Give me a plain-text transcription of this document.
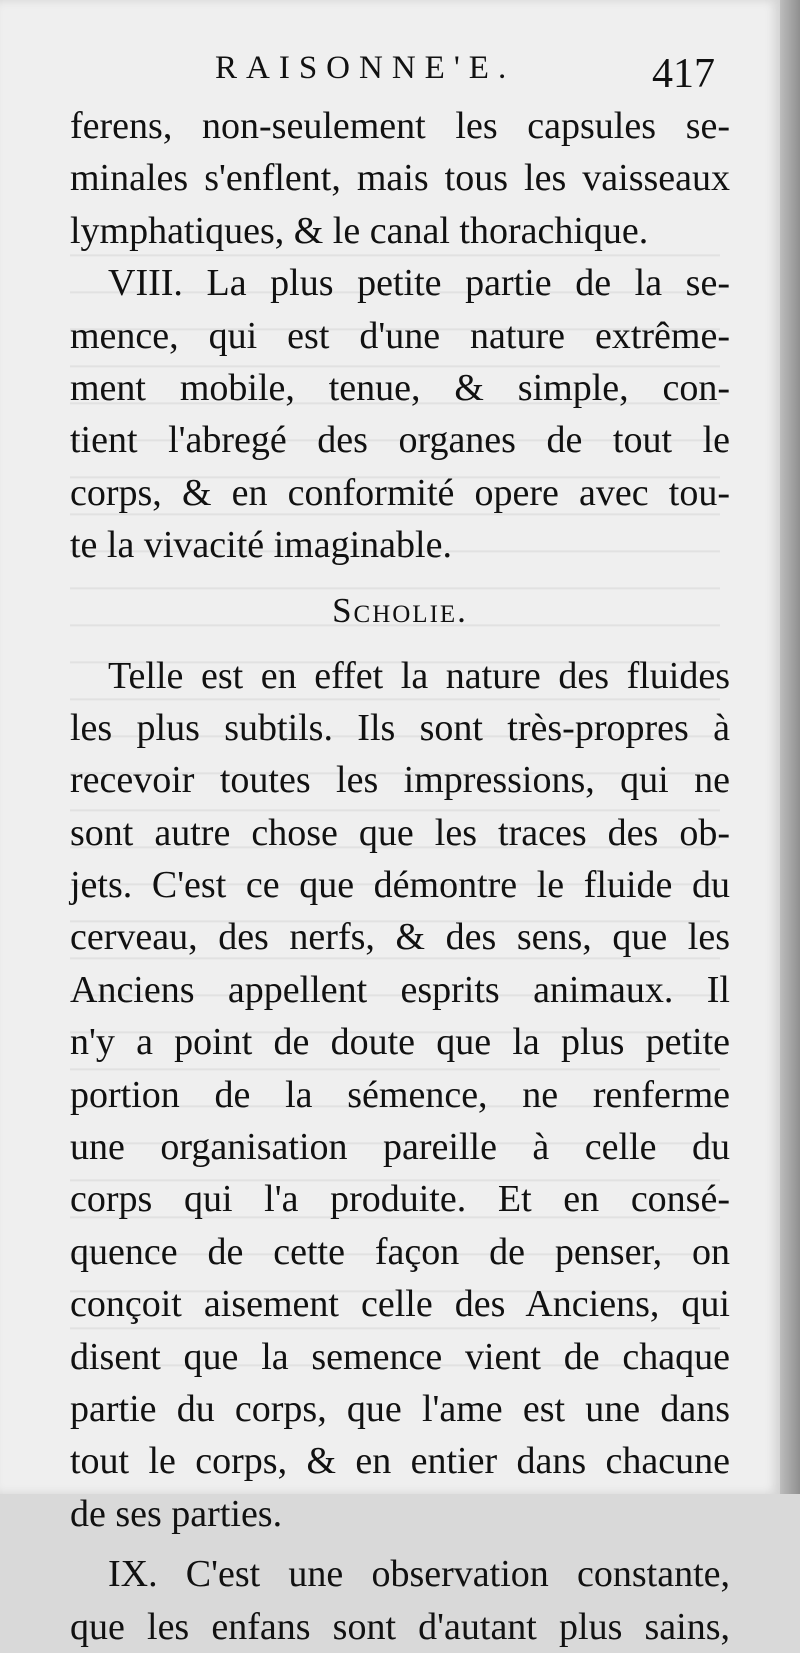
RAISONNE'E.	417
ferens, non-seulement les capsules se-
minales s'enflent, mais tous les vaisseaux
lymphatiques, & le canal thorachique.
VIII. La plus petite partie de la se-
mence, qui est d'une nature extrême-
ment mobile, tenue, & simple, con-
tient l'abregé des organes de tout le
corps, & en conformité opere avec tou-
te la vivacité imaginable.
Scholie.
Telle est en effet la nature des fluides
les plus subtils. Ils sont très-propres à
recevoir toutes les impressions, qui ne
sont autre chose que les traces des ob-
jets. C'est ce que démontre le fluide du
cerveau, des nerfs, & des sens, que les
Anciens appellent esprits animaux. Il
n'y a point de doute que la plus petite
portion de la sémence, ne renferme
une organisation pareille à celle du
corps qui l'a produite. Et en consé-
quence de cette façon de penser, on
conçoit aisement celle des Anciens, qui
disent que la semence vient de chaque
partie du corps, que l'ame est une dans
tout le corps, & en entier dans chacune
de ses parties.
IX. C'est une observation constante,
que les enfans sont d'autant plus sains,
